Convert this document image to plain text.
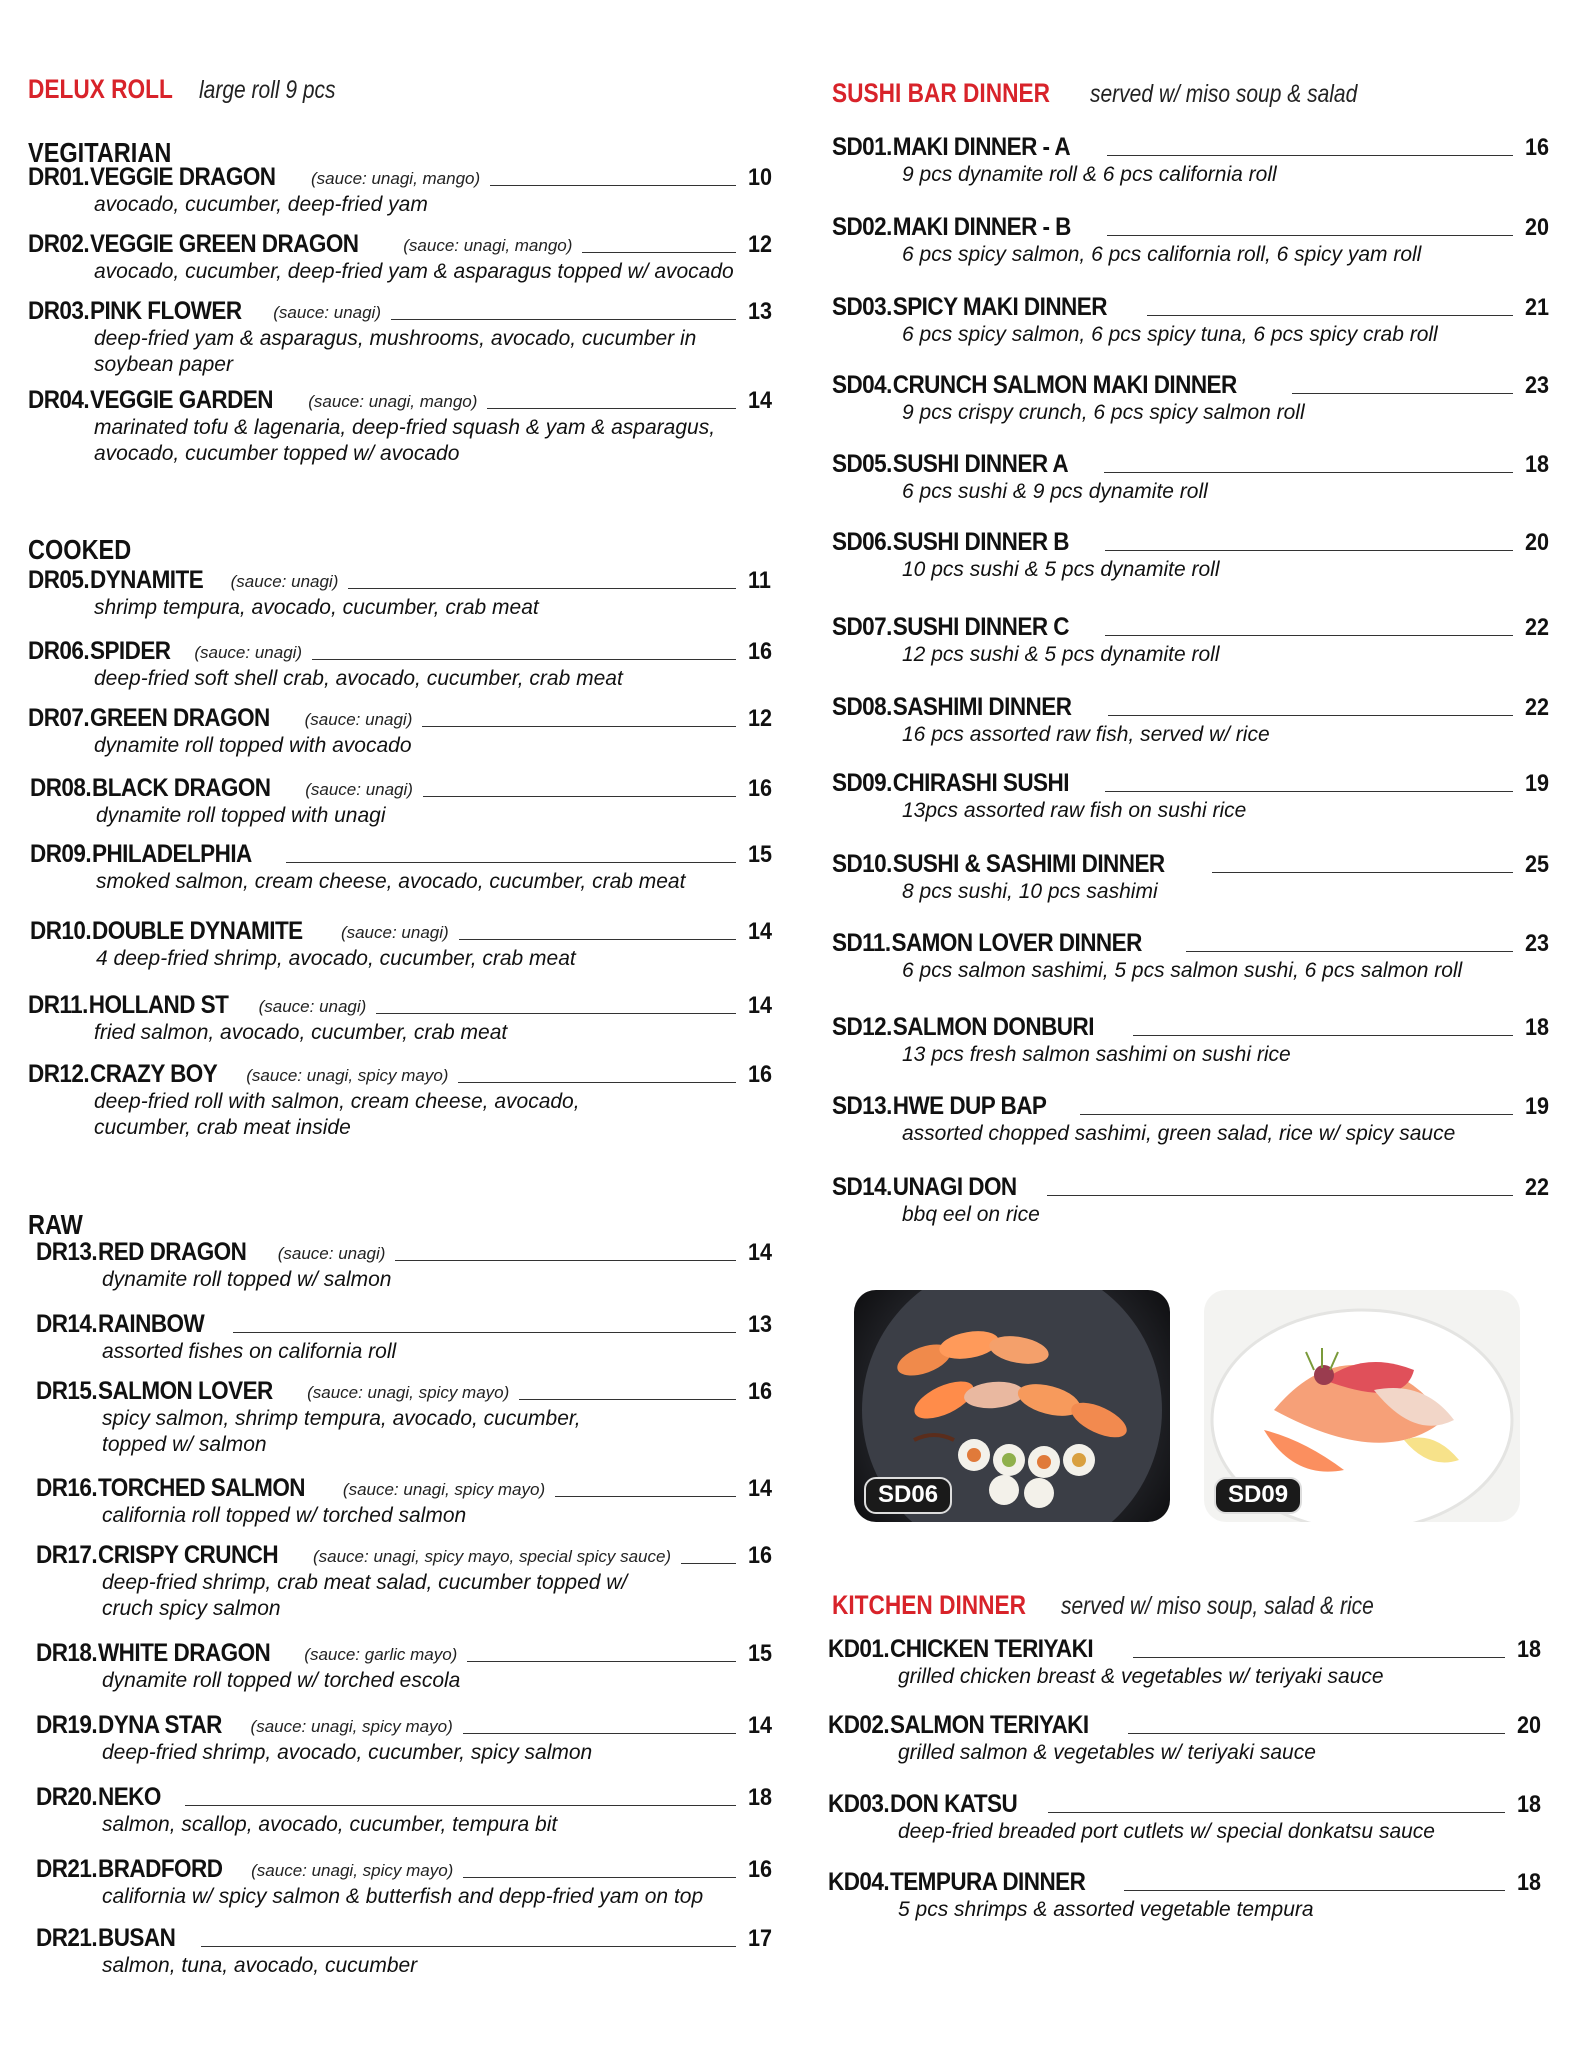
DELUX ROLL large roll 9 pcs
VEGITARIAN
COOKED
RAW
DR01.VEGGIE DRAGON (sauce: unagi, mango)	10
avocado, cucumber, deep-fried yam
DR02.VEGGIE GREEN DRAGON	(sauce: unagi, mango)	12
avocado, cucumber, deep-fried yam & asparagus topped w/ avocado
DR03.PINK FLOWER (sauce: unagi)	13
deep-fried yam & asparagus, mushrooms, avocado, cucumber in
soybean paper
DR04.VEGGIE GARDEN (sauce: unagi, mango)	14
marinated tofu & lagenaria, deep-fried squash & yam & asparagus,
avocado, cucumber topped w/ avocado
DR05.DYNAMITE (sauce: unagi)	11
shrimp tempura, avocado, cucumber, crab meat
DR06.SPIDER (sauce: unagi)	16
deep-fried soft shell crab, avocado, cucumber, crab meat
DR07.GREEN DRAGON (sauce: unagi)	12
dynamite roll topped with avocado
DR08.BLACK DRAGON (sauce: unagi)	16
dynamite roll topped with unagi
DR09.PHILADELPHIA	15
smoked salmon, cream cheese, avocado, cucumber, crab meat
DR10.DOUBLE DYNAMITE (sauce: unagi)	14
4 deep-fried shrimp, avocado, cucumber, crab meat
DR11.HOLLAND ST (sauce: unagi)	14
fried salmon, avocado, cucumber, crab meat
DR12.CRAZY BOY (sauce: unagi, spicy mayo)	16
deep-fried roll with salmon, cream cheese, avocado,
cucumber, crab meat inside
DR13.RED DRAGON (sauce: unagi)	14
dynamite roll topped w/ salmon
DR14.RAINBOW	13
assorted fishes on california roll
DR15.SALMON LOVER (sauce: unagi, spicy mayo)	16
spicy salmon, shrimp tempura, avocado, cucumber,
topped w/ salmon
DR16.TORCHED SALMON (sauce: unagi, spicy mayo)	14
california roll topped w/ torched salmon
DR17.CRISPY CRUNCH (sauce: unagi, spicy mayo, special spicy sauce)	16
deep-fried shrimp, crab meat salad, cucumber topped w/
cruch spicy salmon
DR18.WHITE DRAGON (sauce: garlic mayo)	15
dynamite roll topped w/ torched escola
DR19.DYNA STAR (sauce: unagi, spicy mayo)	14
deep-fried shrimp, avocado, cucumber, spicy salmon
DR20.NEKO	18
salmon, scallop, avocado, cucumber, tempura bit
DR21.BRADFORD (sauce: unagi, spicy mayo)	16
california w/ spicy salmon & butterfish and depp-fried yam on top
DR21.BUSAN	17
salmon, tuna, avocado, cucumber
SUSHI BAR DINNER served w/ miso soup & salad
SD01.MAKI DINNER - A	16
9 pcs dynamite roll & 6 pcs california roll
SD02.MAKI DINNER - B	20
6 pcs spicy salmon, 6 pcs california roll, 6 spicy yam roll
SD03.SPICY MAKI DINNER	21
6 pcs spicy salmon, 6 pcs spicy tuna, 6 pcs spicy crab roll
SD04.CRUNCH SALMON MAKI DINNER	23
9 pcs crispy crunch, 6 pcs spicy salmon roll
SD05.SUSHI DINNER A	18
6 pcs sushi & 9 pcs dynamite roll
SD06.SUSHI DINNER B	20
10 pcs sushi & 5 pcs dynamite roll
SD07.SUSHI DINNER C	22
12 pcs sushi & 5 pcs dynamite roll
SD08.SASHIMI DINNER	22
16 pcs assorted raw fish, served w/ rice
SD09.CHIRASHI SUSHI	19
13pcs assorted raw fish on sushi rice
SD10.SUSHI & SASHIMI DINNER	25
8 pcs sushi, 10 pcs sashimi
SD11.SAMON LOVER DINNER	23
6 pcs salmon sashimi, 5 pcs salmon sushi, 6 pcs salmon roll
SD12.SALMON DONBURI	18
13 pcs fresh salmon sashimi on sushi rice
SD13.HWE DUP BAP	19
assorted chopped sashimi, green salad, rice w/ spicy sauce
SD14.UNAGI DON	22
bbq eel on rice
SD06	SD09
KITCHEN DINNER served w/ miso soup, salad & rice
KD01.CHICKEN TERIYAKI	18
grilled chicken breast & vegetables w/ teriyaki sauce
KD02.SALMON TERIYAKI	20
grilled salmon & vegetables w/ teriyaki sauce
KD03.DON KATSU	18
deep-fried breaded port cutlets w/ special donkatsu sauce
KD04.TEMPURA DINNER	18
5 pcs shrimps & assorted vegetable tempura
